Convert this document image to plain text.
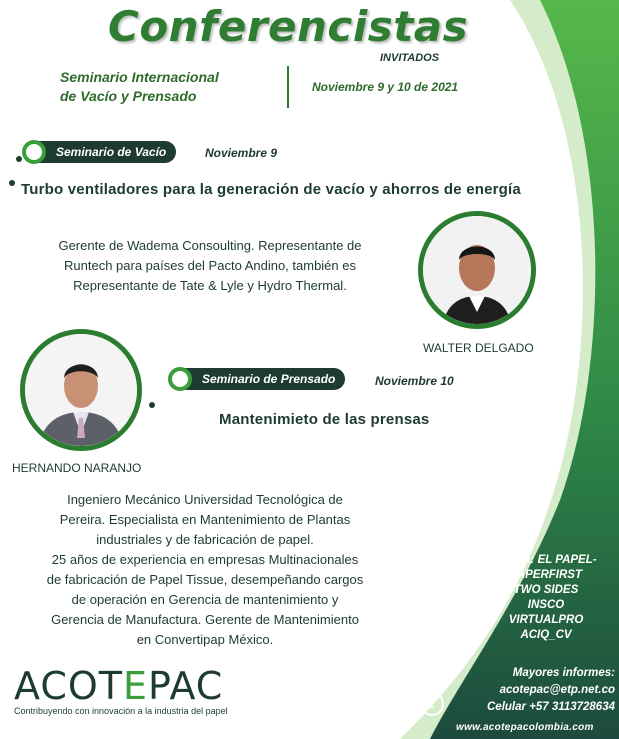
Conferencistas
INVITADOS
Seminario Internacional
de Vacío y Prensado
Noviembre 9 y 10 de 2021
Seminario de Vacío	Noviembre 9
Turbo ventiladores para la generación de vacío y ahorros de energía
Gerente de Wadema Consoulting. Representante de
Runtech para países del Pacto Andino, también es
Representante de Tate & Lyle y Hydro Thermal.
WALTER DELGADO
Seminario de Prensado	Noviembre 10
Mantenimieto de las prensas
HERNANDO NARANJO
Ingeniero Mecánico Universidad Tecnológica de
Pereira. Especialista en Mantenimiento de Plantas
industriales y de fabricación de papel.
25 años de experiencia en empresas Multinacionales
de fabricación de Papel Tissue, desempeñando cargos
de operación en Gerencia de mantenimiento y
Gerencia de Manufactura. Gerente de Mantenimiento
en Convertipap México.
Apoya: EL PAPEL-
PAPERFIRST
TWO SIDES
INSCO
VIRTUALPRO
ACIQ_CV
in	◎
f	t
Mayores informes:
acotepac@etp.net.co
Celular +57 3113728634
www.acotepacolombia.com
ACOTEPAC
Contribuyendo con innovación a la industria del papel
